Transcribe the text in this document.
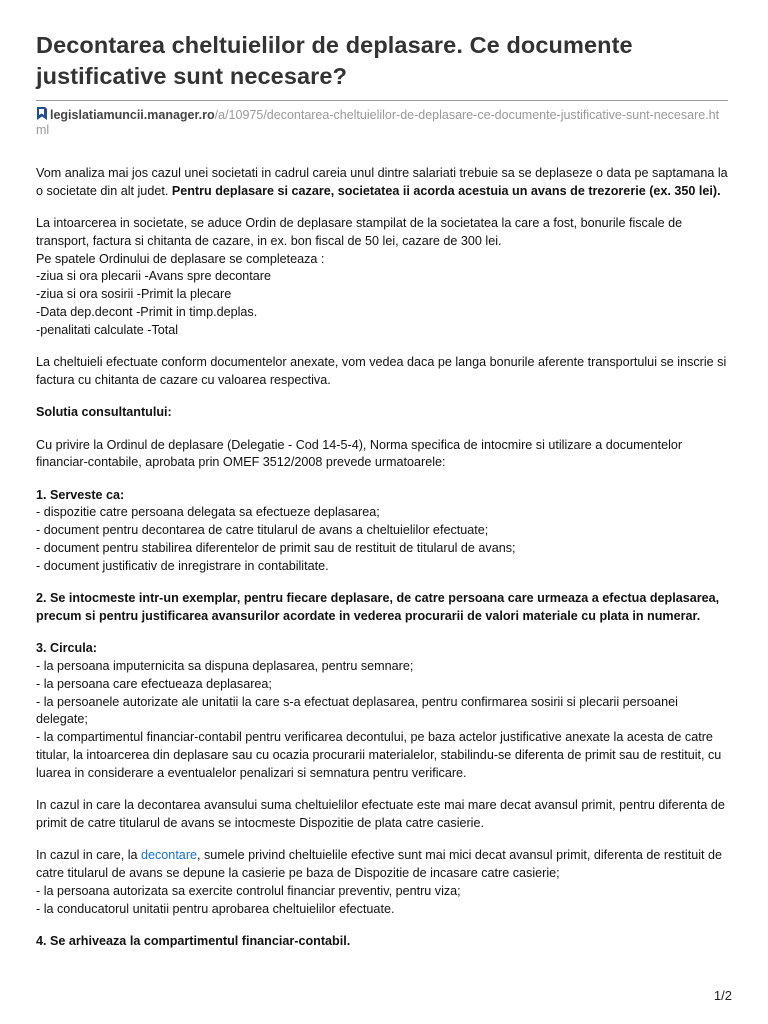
Decontarea cheltuielilor de deplasare. Ce documente justificative sunt necesare?
legislatiamuncii.manager.ro/a/10975/decontarea-cheltuielilor-de-deplasare-ce-documente-justificative-sunt-necesare.html

Vom analiza mai jos cazul unei societati in cadrul careia unul dintre salariati trebuie sa se deplaseze o data pe saptamana la o societate din alt judet. Pentru deplasare si cazare, societatea ii acorda acestuia un avans de trezorerie (ex. 350 lei).

La intoarcerea in societate, se aduce Ordin de deplasare stampilat de la societatea la care a fost, bonurile fiscale de transport, factura si chitanta de cazare, in ex. bon fiscal de 50 lei, cazare de 300 lei.
Pe spatele Ordinului de deplasare se completeaza :
-ziua si ora plecarii -Avans spre decontare
-ziua si ora sosirii -Primit la plecare
-Data dep.decont -Primit in timp.deplas.
-penalitati calculate -Total

La cheltuieli efectuate conform documentelor anexate, vom vedea daca pe langa bonurile aferente transportului se inscrie si factura cu chitanta de cazare cu valoarea respectiva.

Solutia consultantului:

Cu privire la Ordinul de deplasare (Delegatie - Cod 14-5-4), Norma specifica de intocmire si utilizare a documentelor financiar-contabile, aprobata prin OMEF 3512/2008 prevede urmatoarele:

1. Serveste ca:
- dispozitie catre persoana delegata sa efectueze deplasarea;
- document pentru decontarea de catre titularul de avans a cheltuielilor efectuate;
- document pentru stabilirea diferentelor de primit sau de restituit de titularul de avans;
- document justificativ de inregistrare in contabilitate.

2. Se intocmeste intr-un exemplar, pentru fiecare deplasare, de catre persoana care urmeaza a efectua deplasarea, precum si pentru justificarea avansurilor acordate in vederea procurarii de valori materiale cu plata in numerar.

3. Circula:
- la persoana imputernicita sa dispuna deplasarea, pentru semnare;
- la persoana care efectueaza deplasarea;
- la persoanele autorizate ale unitatii la care s-a efectuat deplasarea, pentru confirmarea sosirii si plecarii persoanei delegate;
- la compartimentul financiar-contabil pentru verificarea decontului, pe baza actelor justificative anexate la acesta de catre titular, la intoarcerea din deplasare sau cu ocazia procurarii materialelor, stabilindu-se diferenta de primit sau de restituit, cu luarea in considerare a eventualelor penalizari si semnatura pentru verificare.

In cazul in care la decontarea avansului suma cheltuielilor efectuate este mai mare decat avansul primit, pentru diferenta de primit de catre titularul de avans se intocmeste Dispozitie de plata catre casierie.

In cazul in care, la decontare, sumele privind cheltuielile efective sunt mai mici decat avansul primit, diferenta de restituit de catre titularul de avans se depune la casierie pe baza de Dispozitie de incasare catre casierie;
- la persoana autorizata sa exercite controlul financiar preventiv, pentru viza;
- la conducatorul unitatii pentru aprobarea cheltuielilor efectuate.

4. Se arhiveaza la compartimentul financiar-contabil.

1/2
